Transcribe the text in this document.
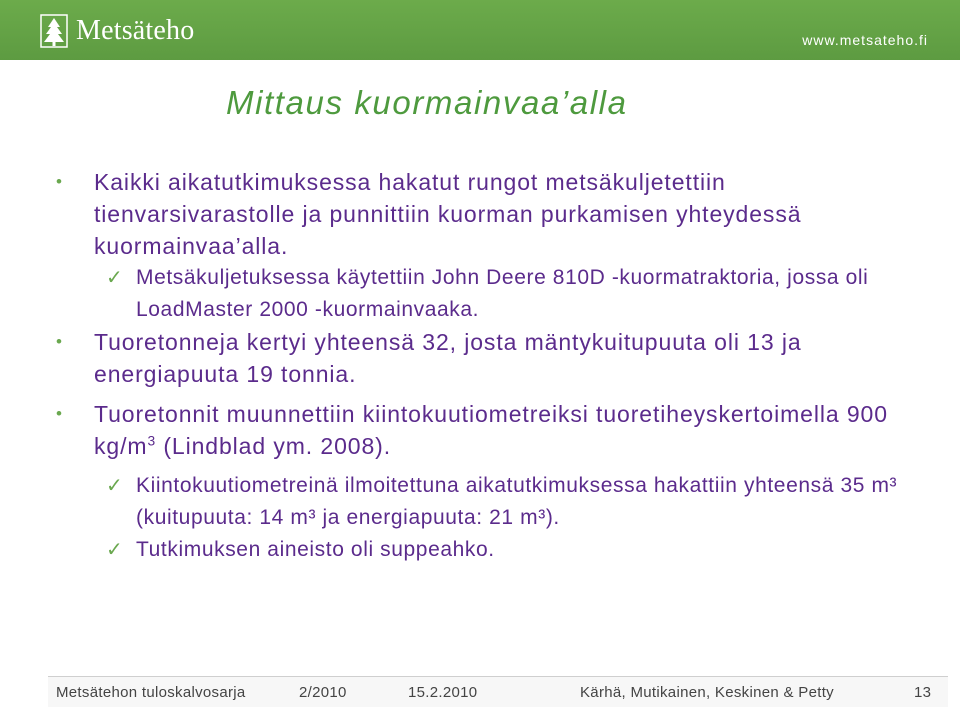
Metsäteho	www.metsateho.fi
Mittaus kuormainvaa’alla
•	Kaikki aikatutkimuksessa hakatut rungot metsäkuljetettiin tienvarsivarastolle ja punnittiin kuorman purkamisen yhteydessä kuormainvaa’alla.
✓ Metsäkuljetuksessa käytettiin John Deere 810D -kuormatraktoria, jossa oli LoadMaster 2000 -kuormainvaaka.
•	Tuoretonneja kertyi yhteensä 32, josta mäntykuitupuuta oli 13 ja energiapuuta 19 tonnia.
•	Tuoretonnit muunnettiin kiintokuutiometreiksi tuoretiheyskertoimella 900 $kg/m^3$ (Lindblad ym. 2008).
✓ Kiintokuutiometreinä ilmoitettuna aikatutkimuksessa hakattiin yhteensä 35 m³ (kuitupuuta: 14 m³ ja energiapuuta: 21 m³).
✓ Tutkimuksen aineisto oli suppeahko.
Metsätehon tuloskalvosarja	2/2010	15.2.2010	Kärhä, Mutikainen, Keskinen & Petty	13
